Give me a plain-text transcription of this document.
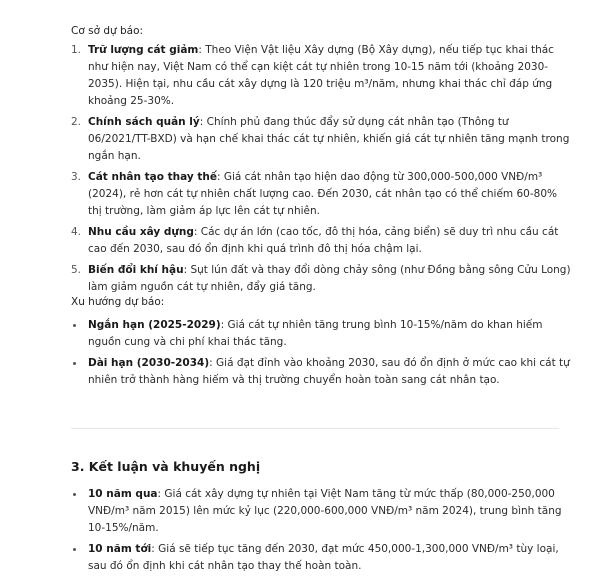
Cơ sở dự báo:
1. Trữ lượng cát giảm: Theo Viện Vật liệu Xây dựng (Bộ Xây dựng), nếu tiếp tục khai thác như hiện nay, Việt Nam có thể cạn kiệt cát tự nhiên trong 10-15 năm tới (khoảng 2030-2035). Hiện tại, nhu cầu cát xây dựng là 120 triệu m³/năm, nhưng khai thác chỉ đáp ứng khoảng 25-30%.
2. Chính sách quản lý: Chính phủ đang thúc đẩy sử dụng cát nhân tạo (Thông tư 06/2021/TT-BXD) và hạn chế khai thác cát tự nhiên, khiến giá cát tự nhiên tăng mạnh trong ngắn hạn.
3. Cát nhân tạo thay thế: Giá cát nhân tạo hiện dao động từ 300,000-500,000 VNĐ/m³ (2024), rẻ hơn cát tự nhiên chất lượng cao. Đến 2030, cát nhân tạo có thể chiếm 60-80% thị trường, làm giảm áp lực lên cát tự nhiên.
4. Nhu cầu xây dựng: Các dự án lớn (cao tốc, đô thị hóa, cảng biển) sẽ duy trì nhu cầu cát cao đến 2030, sau đó ổn định khi quá trình đô thị hóa chậm lại.
5. Biến đổi khí hậu: Sụt lún đất và thay đổi dòng chảy sông (như Đồng bằng sông Cửu Long) làm giảm nguồn cát tự nhiên, đẩy giá tăng.
Xu hướng dự báo:
Ngắn hạn (2025-2029): Giá cát tự nhiên tăng trung bình 10-15%/năm do khan hiếm nguồn cung và chi phí khai thác tăng.
Dài hạn (2030-2034): Giá đạt đỉnh vào khoảng 2030, sau đó ổn định ở mức cao khi cát tự nhiên trở thành hàng hiếm và thị trường chuyển hoàn toàn sang cát nhân tạo.
3. Kết luận và khuyến nghị
10 năm qua: Giá cát xây dựng tự nhiên tại Việt Nam tăng từ mức thấp (80,000-250,000 VNĐ/m³ năm 2015) lên mức kỷ lục (220,000-600,000 VNĐ/m³ năm 2024), trung bình tăng 10-15%/năm.
10 năm tới: Giá sẽ tiếp tục tăng đến 2030, đạt mức 450,000-1,300,000 VNĐ/m³ tùy loại, sau đó ổn định khi cát nhân tạo thay thế hoàn toàn.
